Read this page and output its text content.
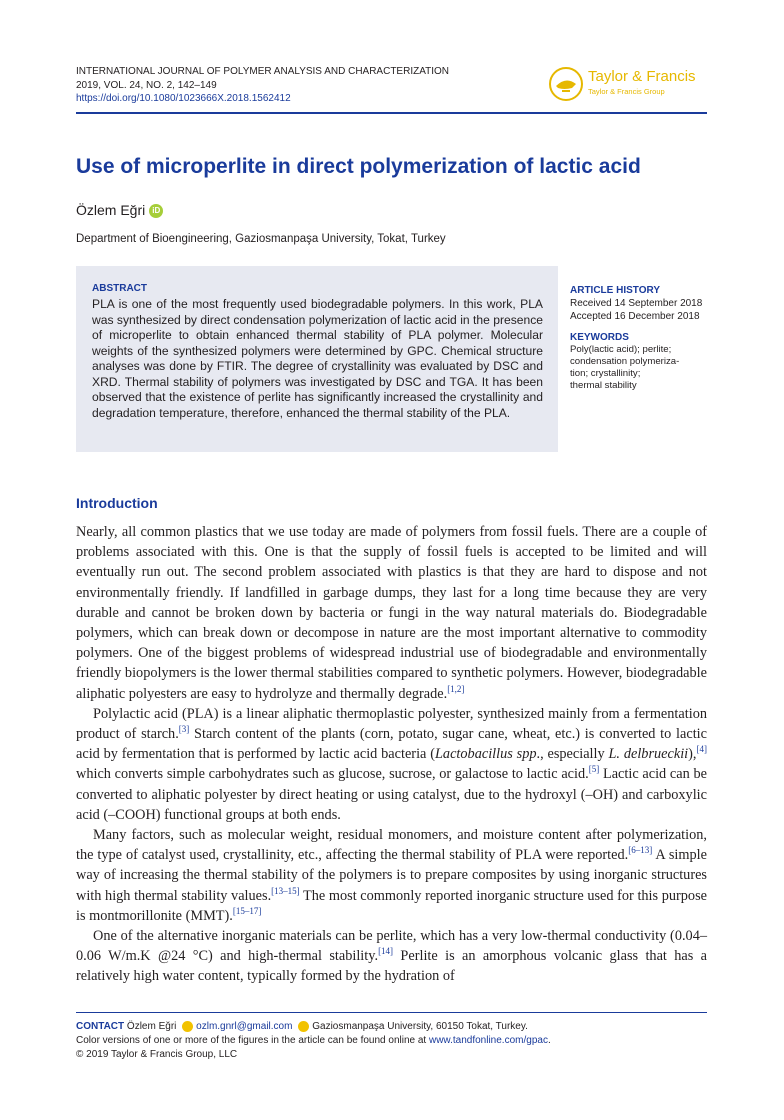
INTERNATIONAL JOURNAL OF POLYMER ANALYSIS AND CHARACTERIZATION
2019, VOL. 24, NO. 2, 142–149
https://doi.org/10.1080/1023666X.2018.1562412
Taylor & Francis
Taylor & Francis Group
Use of microperlite in direct polymerization of lactic acid
Özlem Eğri iD
Department of Bioengineering, Gaziosmanpaşa University, Tokat, Turkey
ABSTRACT
PLA is one of the most frequently used biodegradable polymers. In this work, PLA was synthesized by direct condensation polymerization of lactic acid in the presence of microperlite to obtain enhanced thermal stability of PLA polymer. Molecular weights of the synthesized polymers were determined by GPC. Chemical structure analyses was done by FTIR. The degree of crystallinity was evaluated by DSC and XRD. Thermal stability of polymers was investigated by DSC and TGA. It has been observed that the existence of perlite has significantly increased the crystallinity and degradation temperature, therefore, enhanced the thermal stability of the PLA.
ARTICLE HISTORY
Received 14 September 2018
Accepted 16 December 2018
KEYWORDS
Poly(lactic acid); perlite;
condensation polymeriza-
tion; crystallinity;
thermal stability
Introduction

Nearly, all common plastics that we use today are made of polymers from fossil fuels. There are a couple of problems associated with this. One is that the supply of fossil fuels is accepted to be limited and will eventually run out. The second problem associated with plastics is that they are hard to dispose and not environmentally friendly. If landfilled in garbage dumps, they last for a long time because they are very durable and cannot be broken down by bacteria or fungi in the way natural materials do. Biodegradable polymers, which can break down or decompose in nature are the most important alternative to commodity polymers. One of the biggest problems of widespread industrial use of biodegradable and environmentally friendly biopolymers is the lower thermal stabilities compared to synthetic polymers. However, biodegradable aliphatic polyesters are easy to hydrolyze and thermally degrade.[1,2]

Polylactic acid (PLA) is a linear aliphatic thermoplastic polyester, synthesized mainly from a fermentation product of starch.[3] Starch content of the plants (corn, potato, sugar cane, wheat, etc.) is converted to lactic acid by fermentation that is performed by lactic acid bacteria (Lactobacillus spp., especially L. delbrueckii),[4] which converts simple carbohydrates such as glucose, sucrose, or galactose to lactic acid.[5] Lactic acid can be converted to aliphatic polyester by direct heating or using catalyst, due to the hydroxyl (–OH) and carboxylic acid (–COOH) functional groups at both ends.

Many factors, such as molecular weight, residual monomers, and moisture content after polymerization, the type of catalyst used, crystallinity, etc., affecting the thermal stability of PLA were reported.[6–13] A simple way of increasing the thermal stability of the polymers is to prepare composites by using inorganic structures with high thermal stability values.[13–15] The most commonly reported inorganic structure used for this purpose is montmorillonite (MMT).[15–17]

One of the alternative inorganic materials can be perlite, which has a very low-thermal conductivity (0.04–0.06 W/m.K @24 °C) and high-thermal stability.[14] Perlite is an amorphous volcanic glass that has a relatively high water content, typically formed by the hydration of

CONTACT Özlem Eğri ozlm.gnrl@gmail.com Gaziosmanpaşa University, 60150 Tokat, Turkey.
Color versions of one or more of the figures in the article can be found online at www.tandfonline.com/gpac.
© 2019 Taylor & Francis Group, LLC
